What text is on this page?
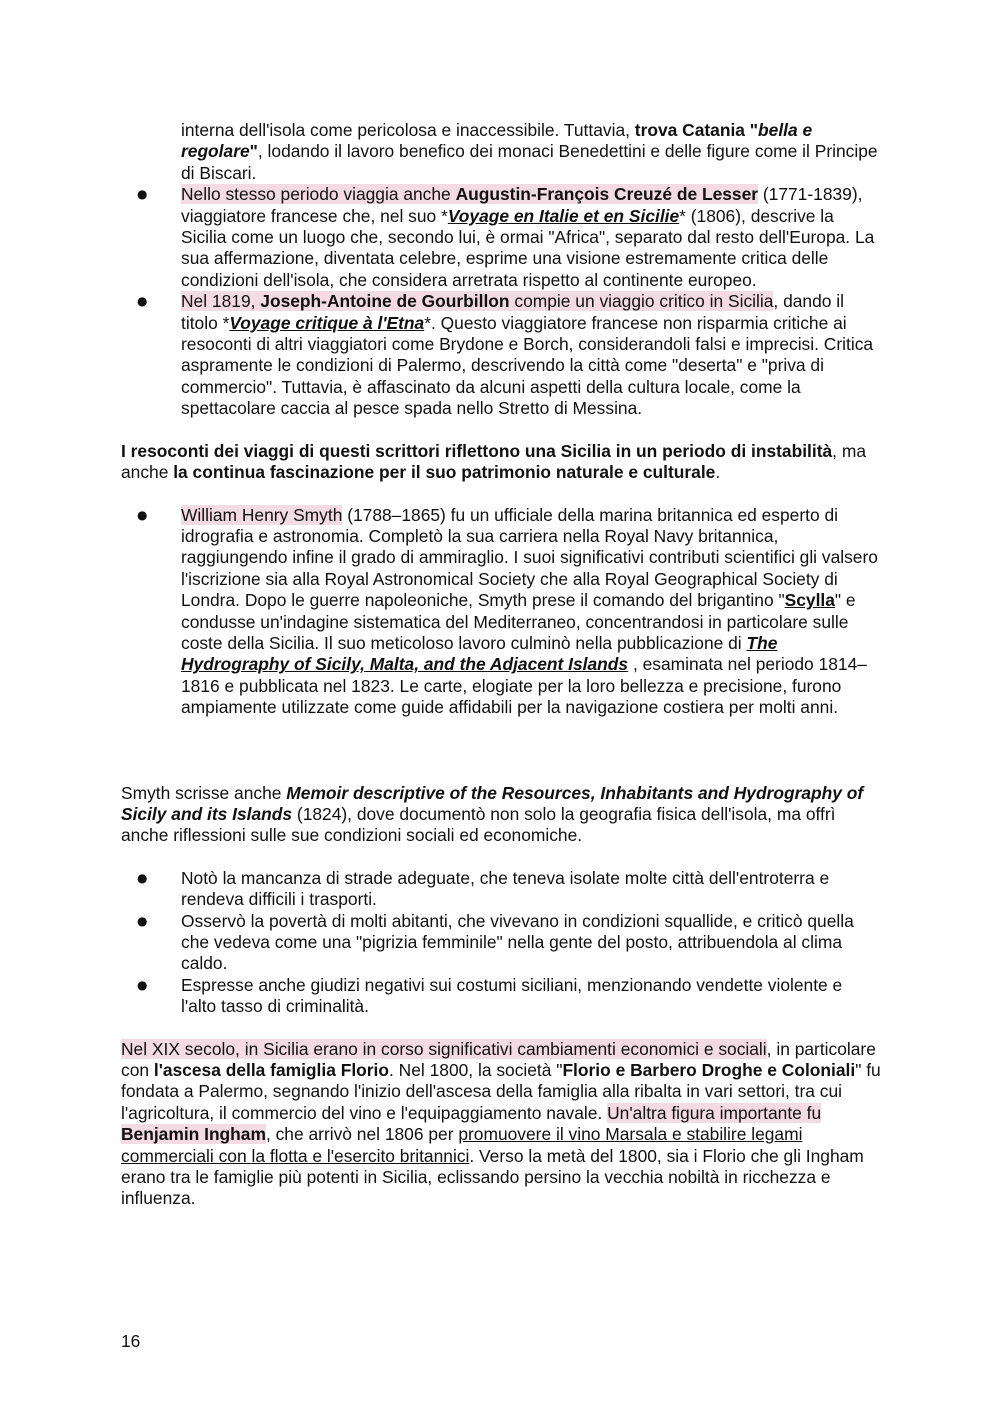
interna dell'isola come pericolosa e inaccessibile. Tuttavia, trova Catania "bella e regolare", lodando il lavoro benefico dei monaci Benedettini e delle figure come il Principe di Biscari.

● Nello stesso periodo viaggia anche Augustin-François Creuzé de Lesser (1771-1839), viaggiatore francese che, nel suo *Voyage en Italie et en Sicilie* (1806), descrive la Sicilia come un luogo che, secondo lui, è ormai "Africa", separato dal resto dell'Europa. La sua affermazione, diventata celebre, esprime una visione estremamente critica delle condizioni dell'isola, che considera arretrata rispetto al continente europeo.
● Nel 1819, Joseph-Antoine de Gourbillon compie un viaggio critico in Sicilia, dando il titolo *Voyage critique à l'Etna*. Questo viaggiatore francese non risparmia critiche ai resoconti di altri viaggiatori come Brydone e Borch, considerandoli falsi e imprecisi. Critica aspramente le condizioni di Palermo, descrivendo la città come "deserta" e "priva di commercio". Tuttavia, è affascinato da alcuni aspetti della cultura locale, come la spettacolare caccia al pesce spada nello Stretto di Messina.

I resoconti dei viaggi di questi scrittori riflettono una Sicilia in un periodo di instabilità, ma anche la continua fascinazione per il suo patrimonio naturale e culturale.

● William Henry Smyth (1788–1865) fu un ufficiale della marina britannica ed esperto di idrografia e astronomia. Completò la sua carriera nella Royal Navy britannica, raggiungendo infine il grado di ammiraglio. I suoi significativi contributi scientifici gli valsero l'iscrizione sia alla Royal Astronomical Society che alla Royal Geographical Society di Londra. Dopo le guerre napoleoniche, Smyth prese il comando del brigantino "Scylla" e condusse un'indagine sistematica del Mediterraneo, concentrandosi in particolare sulle coste della Sicilia. Il suo meticoloso lavoro culminò nella pubblicazione di The Hydrography of Sicily, Malta, and the Adjacent Islands , esaminata nel periodo 1814–1816 e pubblicata nel 1823. Le carte, elogiate per la loro bellezza e precisione, furono ampiamente utilizzate come guide affidabili per la navigazione costiera per molti anni.

Smyth scrisse anche Memoir descriptive of the Resources, Inhabitants and Hydrography of Sicily and its Islands (1824), dove documentò non solo la geografia fisica dell'isola, ma offrì anche riflessioni sulle sue condizioni sociali ed economiche.

● Notò la mancanza di strade adeguate, che teneva isolate molte città dell'entroterra e rendeva difficili i trasporti.
● Osservò la povertà di molti abitanti, che vivevano in condizioni squallide, e criticò quella che vedeva come una "pigrizia femminile" nella gente del posto, attribuendola al clima caldo.
● Espresse anche giudizi negativi sui costumi siciliani, menzionando vendette violente e l'alto tasso di criminalità.

Nel XIX secolo, in Sicilia erano in corso significativi cambiamenti economici e sociali, in particolare con l'ascesa della famiglia Florio. Nel 1800, la società "Florio e Barbero Droghe e Coloniali" fu fondata a Palermo, segnando l'inizio dell'ascesa della famiglia alla ribalta in vari settori, tra cui l'agricoltura, il commercio del vino e l'equipaggiamento navale. Un'altra figura importante fu Benjamin Ingham, che arrivò nel 1806 per promuovere il vino Marsala e stabilire legami commerciali con la flotta e l'esercito britannici. Verso la metà del 1800, sia i Florio che gli Ingham erano tra le famiglie più potenti in Sicilia, eclissando persino la vecchia nobiltà in ricchezza e influenza.

16
